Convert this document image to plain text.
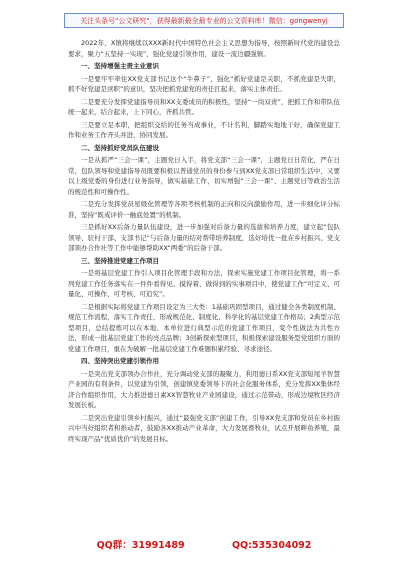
关注头条号"公文研究"，获得最新最全最专业的公文资料库！微信：gongwenyj
2022年，X镇将继续以XXX新时代中国特色社会主义思想为指导，按照新时代党的建设总要求，聚力“五坚持一实现”，强化党建引领作用，建设一流边疆强镇。
一、坚持增强主责主业意识
一是要牢牢牵住XX党支部书记这个“牛鼻子”，强化“抓好党建是关职，不抓党建是失职，抓不好党建是渎职”的意识，坚决把抓党建党的责任扛起来，落实主体责任。
二是要充分发挥党建指导员和XX支委成员的积极性，坚持“一岗双责”，把抓工作和带队伍统一起来，结合起来，上下同心，齐抓共管。
三是要立足本职，把组织交给的任务当成事业，不计名利，脚踏实地地干好，确保党建工作和业务工作齐头并进，协同发展。
二、坚持抓好党员队伍建设
一是从抓严“三会一课”，主题党日入手，将党支部“三会一课”，主题党日日常化，严在日常，包队领导和党建指导员既要积极以普通党员的身份参与到XX党支部日常组织生活中，又要以上级党委的身份进行业务指导，做实基础工作，切实增强“三会一课”、主题党日等政治生活的规范性和可操作性。
二是充分发挥党员星级化管理等各项考核机制的正向和反向激励作用，进一步细化评分标准，坚持“既戒评价一触底处置”的机制。
三是抓好XX后备力量队伍建设，进一步加强对后备力量的选拔和培养力度，建立起“包队领导、驻村干部、支部书记”与后备力量的结对帮带培养制度，选好培优一批在乡村振兴、党支部领办合作社等工作中能够帮助XX“两委”的后备干部。
三、坚持推进党建工作项目
一是将基层党建工作引入项目化管理手段和方法，探索实施党建工作项目化管理，将一系列党建工作任务落实在一件件看得见、摸得着、做得到的实事项目中，使党建工作“可定义、可量化、可操作、可考核、可追究”。
二是根据实际将党建工作项目设定为三大类：1基础巩固型项目，通过健全各类制度机制、规范工作流程，落实工作责任，形成规范化、制度化、科学化的基层党建工作格局；2典型示范型项目，总结提炼可以在本地、本单位进行典型示范的党建工作项目，变个性做法为共性方法，形成一批基层党建工作的亮点品牌；3创新探索型项目，积极探索建设服务型党组织方面的党建工作项目，重在为破解一批基层党建工作难题积累经验、寻求途径。
四、坚持突出党建引领作用
一是突出党支部领办合作社，充分调动党支部的凝聚力，利用德日系XX党支部短尾羊智慧产业园的有利条件，以党建为引领，创建镇党委领导下的社会化服务体系，充分发挥XX集体经济合作组织作用，大力推进德日素XX智慧牧业产业园建设，通过示范带动，形成边境牧区经济发展长板。
二是突出党建引领乡村振兴，通过“最强党支部”创建工作，引导XX党支部和党员在乡村振兴中当好组织者和推动者，鼓励各XX推动产业革命，大力发展畜牧业，试点开展畔鱼养殖，最终实现产品“优质优价”的发展目标。
QQ群：31991489	QQ:535304092
